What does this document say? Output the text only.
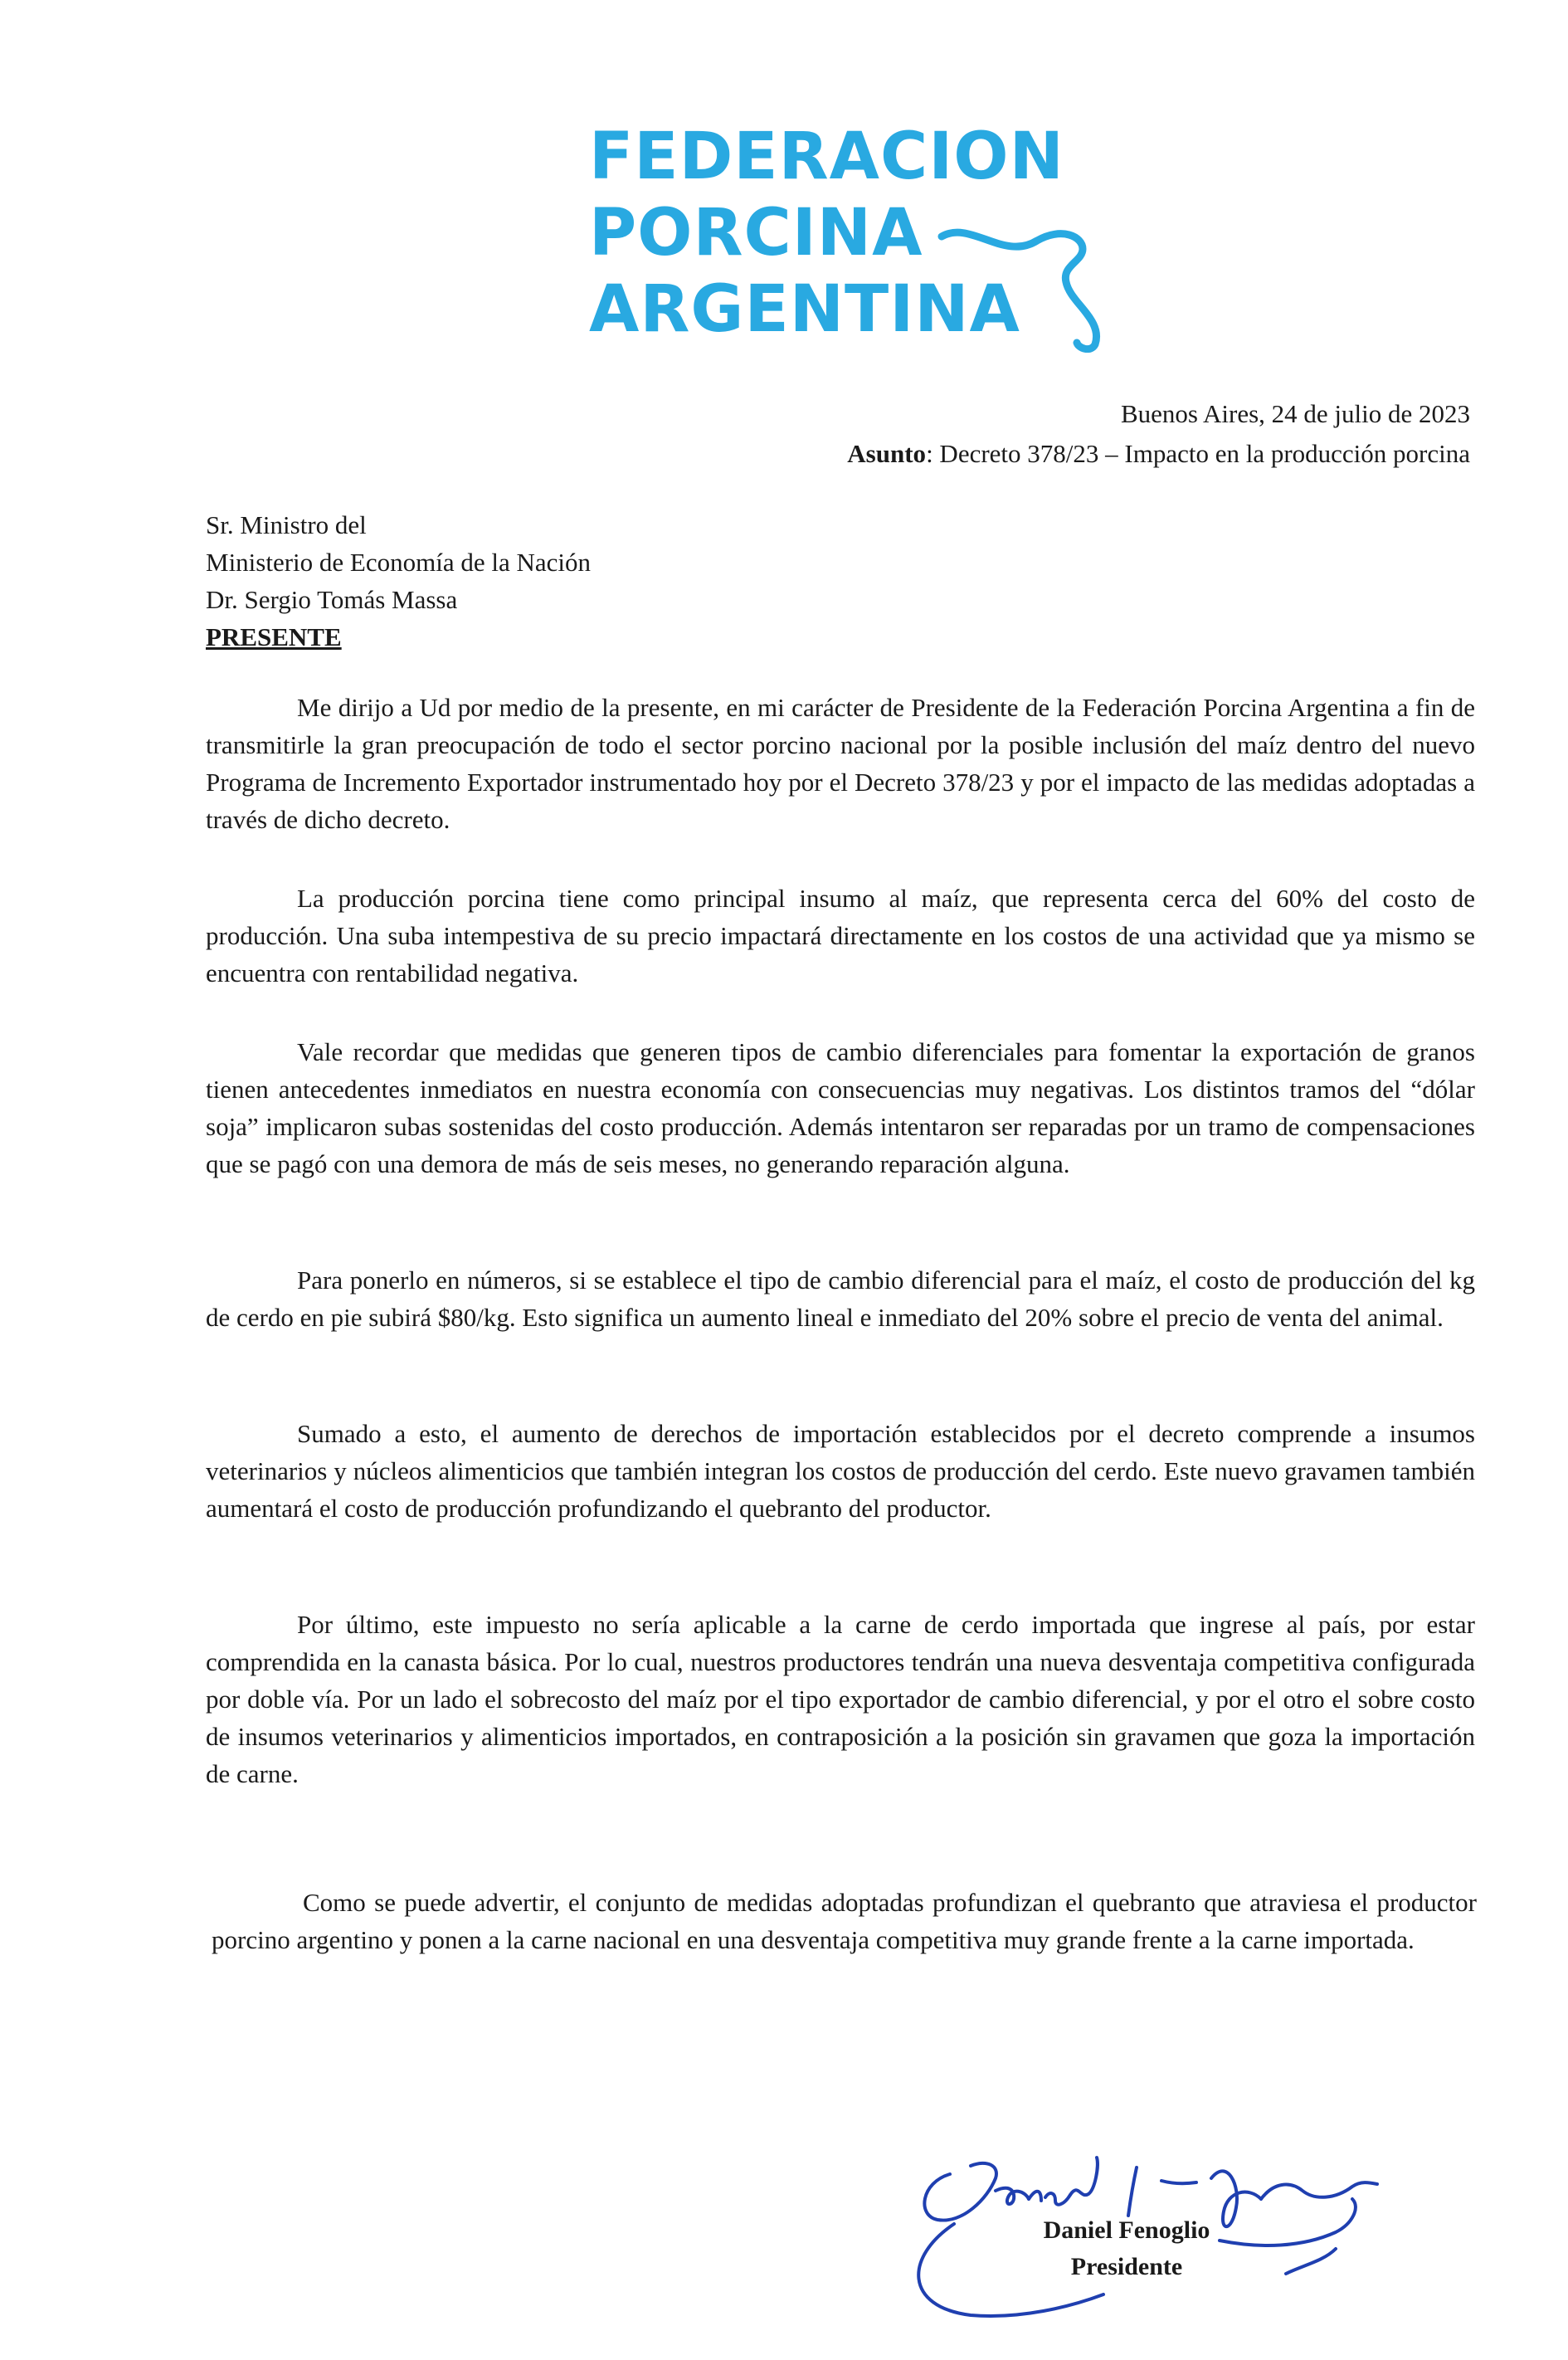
FEDERACION
PORCINA
ARGENTINA
Buenos Aires, 24 de julio de 2023
Asunto: Decreto 378/23 – Impacto en la producción porcina
Sr. Ministro del
Ministerio de Economía de la Nación
Dr. Sergio Tomás Massa
PRESENTE

Me dirijo a Ud por medio de la presente, en mi carácter de Presidente de la Federación Porcina Argentina a fin de transmitirle la gran preocupación de todo el sector porcino nacional por la posible inclusión del maíz dentro del nuevo Programa de Incremento Exportador instrumentado hoy por el Decreto 378/23 y por el impacto de las medidas adoptadas a través de dicho decreto.

La producción porcina tiene como principal insumo al maíz, que representa cerca del 60% del costo de producción. Una suba intempestiva de su precio impactará directamente en los costos de una actividad que ya mismo se encuentra con rentabilidad negativa.

Vale recordar que medidas que generen tipos de cambio diferenciales para fomentar la exportación de granos tienen antecedentes inmediatos en nuestra economía con consecuencias muy negativas. Los distintos tramos del “dólar soja” implicaron subas sostenidas del costo producción. Además intentaron ser reparadas por un tramo de compensaciones que se pagó con una demora de más de seis meses, no generando reparación alguna.

Para ponerlo en números, si se establece el tipo de cambio diferencial para el maíz, el costo de producción del kg de cerdo en pie subirá $80/kg. Esto significa un aumento lineal e inmediato del 20% sobre el precio de venta del animal.

Sumado a esto, el aumento de derechos de importación establecidos por el decreto comprende a insumos veterinarios y núcleos alimenticios que también integran los costos de producción del cerdo. Este nuevo gravamen también aumentará el costo de producción profundizando el quebranto del productor.

Por último, este impuesto no sería aplicable a la carne de cerdo importada que ingrese al país, por estar comprendida en la canasta básica. Por lo cual, nuestros productores tendrán una nueva desventaja competitiva configurada por doble vía. Por un lado el sobrecosto del maíz por el tipo exportador de cambio diferencial, y por el otro el sobre costo de insumos veterinarios y alimenticios importados, en contraposición a la posición sin gravamen que goza la importación de carne.

Como se puede advertir, el conjunto de medidas adoptadas profundizan el quebranto que atraviesa el productor porcino argentino y ponen a la carne nacional en una desventaja competitiva muy grande frente a la carne importada.

Daniel Fenoglio
Presidente
